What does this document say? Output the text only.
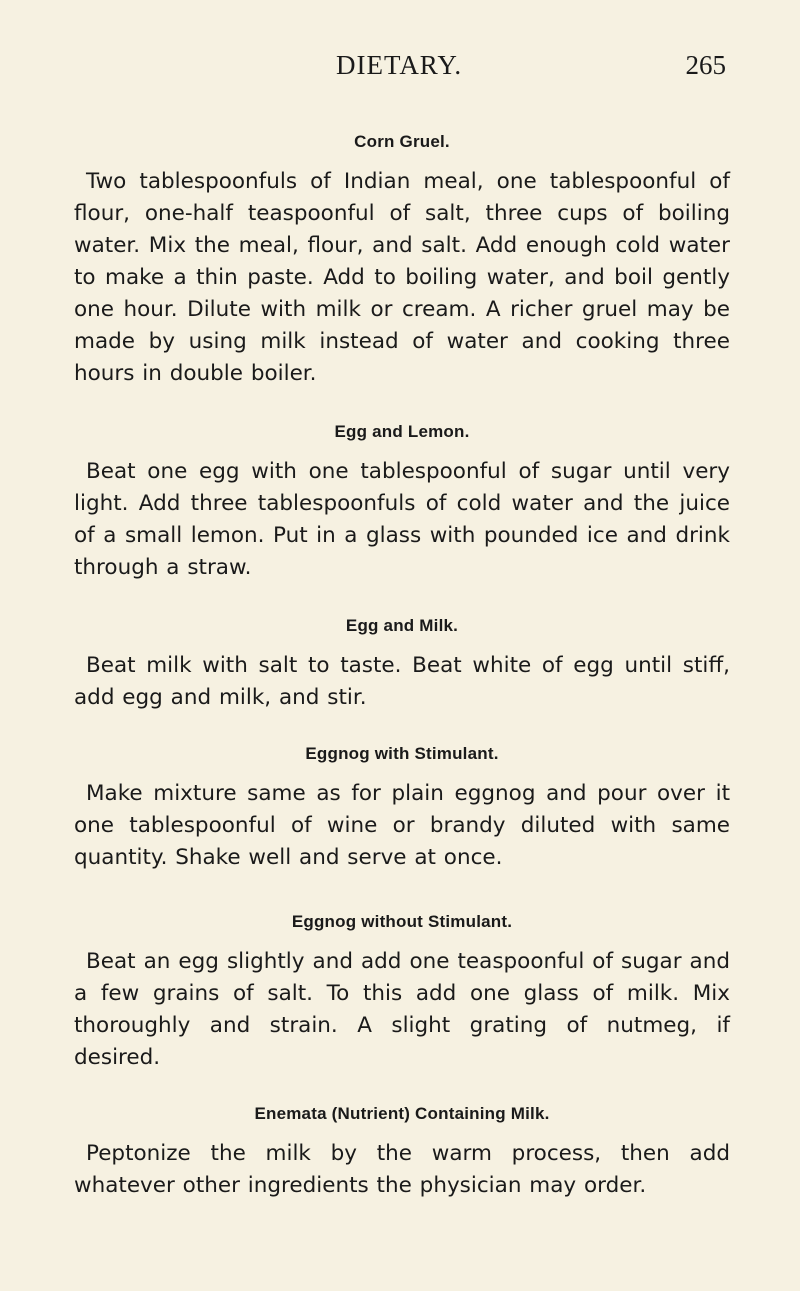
DIETARY.	265
Corn Gruel.

Two tablespoonfuls of Indian meal, one tablespoonful of flour, one-half teaspoonful of salt, three cups of boiling water. Mix the meal, flour, and salt. Add enough cold water to make a thin paste. Add to boiling water, and boil gently one hour. Dilute with milk or cream. A richer gruel may be made by using milk instead of water and cooking three hours in double boiler.

Egg and Lemon.

Beat one egg with one tablespoonful of sugar until very light. Add three tablespoonfuls of cold water and the juice of a small lemon. Put in a glass with pounded ice and drink through a straw.

Egg and Milk.

Beat milk with salt to taste. Beat white of egg until stiff, add egg and milk, and stir.

Eggnog with Stimulant.

Make mixture same as for plain eggnog and pour over it one tablespoonful of wine or brandy diluted with same quantity. Shake well and serve at once.

Eggnog without Stimulant.

Beat an egg slightly and add one teaspoonful of sugar and a few grains of salt. To this add one glass of milk. Mix thoroughly and strain. A slight grating of nutmeg, if desired.

Enemata (Nutrient) Containing Milk.

Peptonize the milk by the warm process, then add whatever other ingredients the physician may order.
